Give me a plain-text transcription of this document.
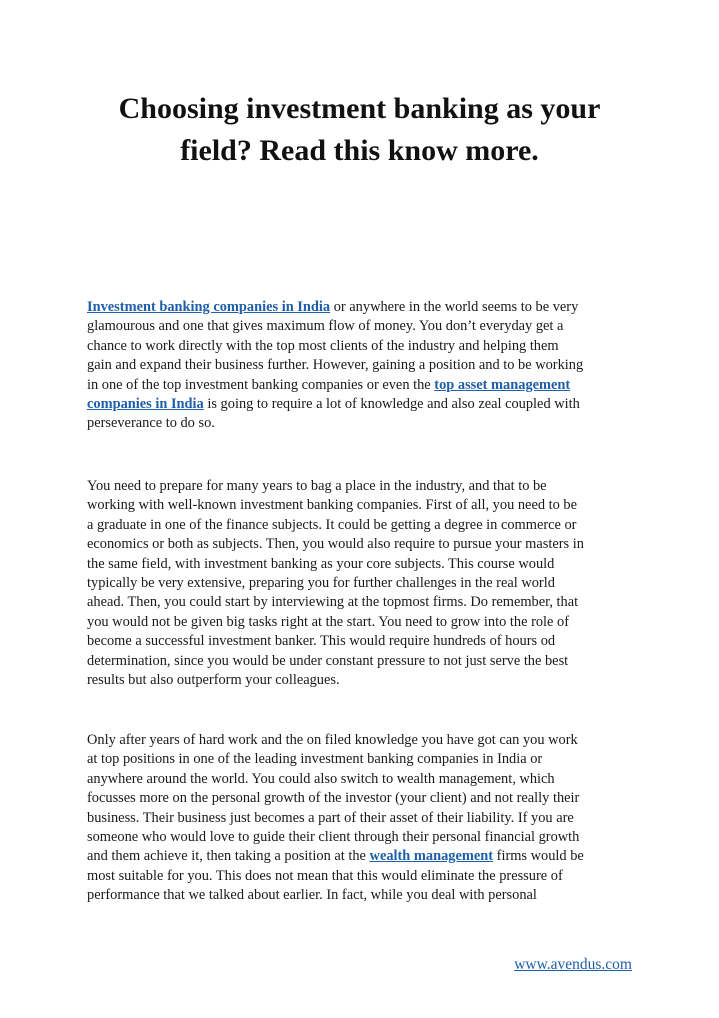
Choosing investment banking as your
field? Read this know more.

Investment banking companies in India or anywhere in the world seems to be very
glamourous and one that gives maximum flow of money. You don’t everyday get a
chance to work directly with the top most clients of the industry and helping them
gain and expand their business further. However, gaining a position and to be working
in one of the top investment banking companies or even the top asset management
companies in India is going to require a lot of knowledge and also zeal coupled with
perseverance to do so.

You need to prepare for many years to bag a place in the industry, and that to be
working with well-known investment banking companies. First of all, you need to be
a graduate in one of the finance subjects. It could be getting a degree in commerce or
economics or both as subjects. Then, you would also require to pursue your masters in
the same field, with investment banking as your core subjects. This course would
typically be very extensive, preparing you for further challenges in the real world
ahead. Then, you could start by interviewing at the topmost firms. Do remember, that
you would not be given big tasks right at the start. You need to grow into the role of
become a successful investment banker. This would require hundreds of hours od
determination, since you would be under constant pressure to not just serve the best
results but also outperform your colleagues.

Only after years of hard work and the on filed knowledge you have got can you work
at top positions in one of the leading investment banking companies in India or
anywhere around the world. You could also switch to wealth management, which
focusses more on the personal growth of the investor (your client) and not really their
business. Their business just becomes a part of their asset of their liability. If you are
someone who would love to guide their client through their personal financial growth
and them achieve it, then taking a position at the wealth management firms would be
most suitable for you. This does not mean that this would eliminate the pressure of
performance that we talked about earlier. In fact, while you deal with personal

www.avendus.com
